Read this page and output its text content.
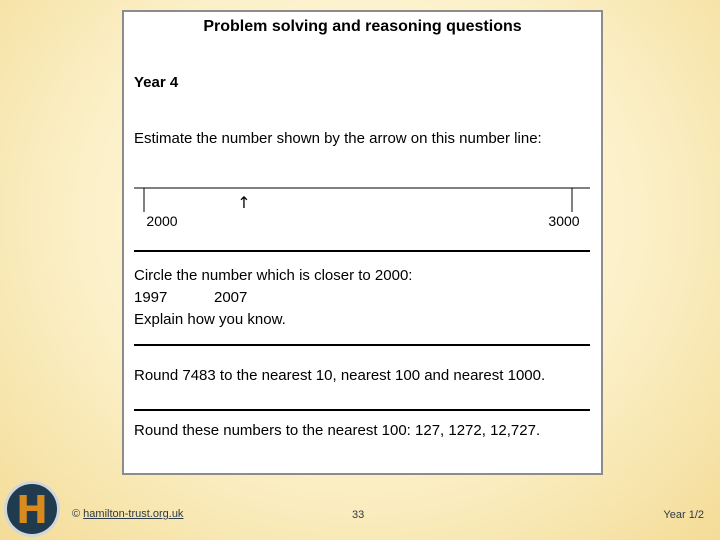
Problem solving and reasoning questions
Year 4
Estimate the number shown by the arrow on this number line:
↑
2000	3000
Circle the number which is closer to 2000:
1997	2007
Explain how you know.
Round 7483 to the nearest 10, nearest 100 and nearest 1000.
Round these numbers to the nearest 100: 127, 1272, 12,727.
H	© hamilton-trust.org.uk	33	Year 1/2
